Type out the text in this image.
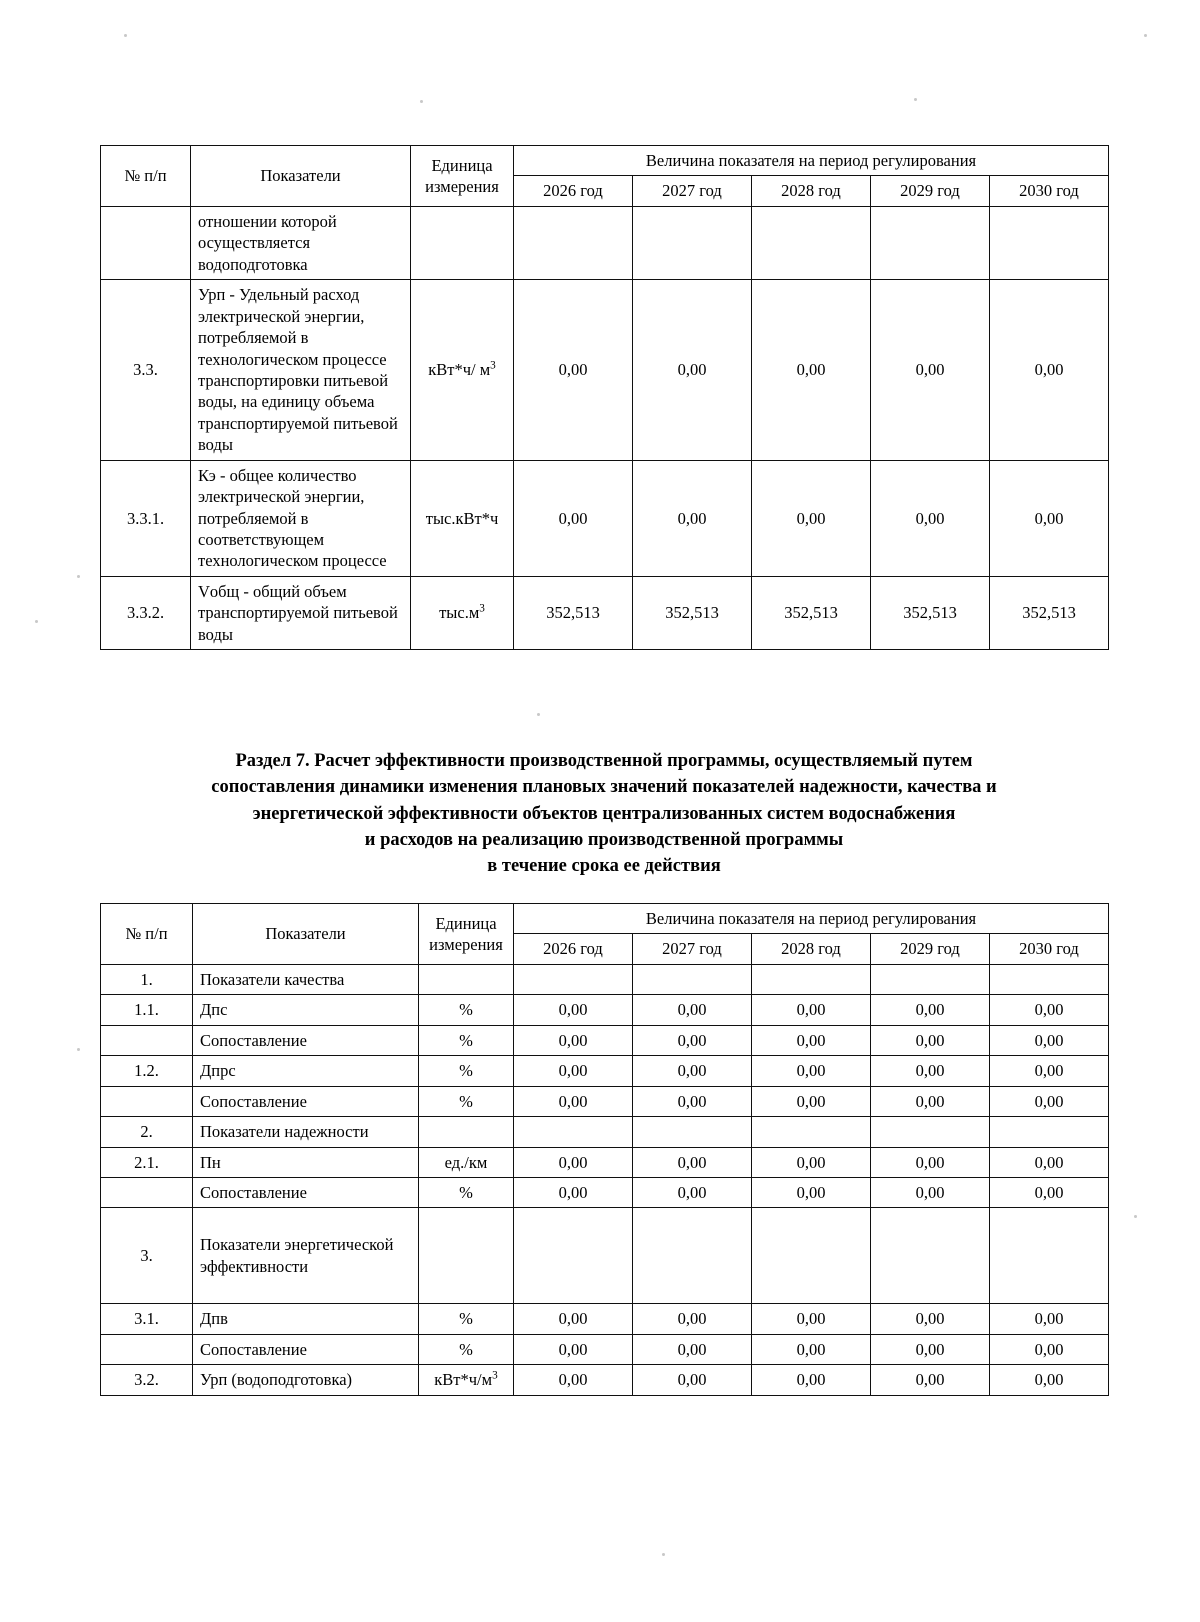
№ п/п	Показатели	Единица
измерения	Величина показателя на период регулирования				
			2026 год	2027 год	2028 год	2029 год	2030 год
	отношении которой осуществляется водоподготовка						
3.3.	Урп - Удельный расход электрической энергии, потребляемой в технологическом процессе транспортировки питьевой воды, на единицу объема транспортируемой питьевой воды	кВт*ч/ $м^3$	0,00	0,00	0,00	0,00	0,00
3.3.1.	Кэ - общее количество электрической энергии, потребляемой в соответствующем технологическом процессе	тыс.кВт*ч	0,00	0,00	0,00	0,00	0,00
3.3.2.	Vобщ - общий объем транспортируемой питьевой воды	$тыс.м^3$	352,513	352,513	352,513	352,513	352,513
Раздел 7. Расчет эффективности производственной программы, осуществляемый путем
сопоставления динамики изменения плановых значений показателей надежности, качества и
энергетической эффективности объектов централизованных систем водоснабжения
и расходов на реализацию производственной программы
в течение срока ее действия
№ п/п	Показатели	Единица
измерения	Величина показателя на период регулирования				
			2026 год	2027 год	2028 год	2029 год	2030 год
1.	Показатели качества						
1.1.	Дпс	%	0,00	0,00	0,00	0,00	0,00
	Сопоставление	%	0,00	0,00	0,00	0,00	0,00
1.2.	Дпрс	%	0,00	0,00	0,00	0,00	0,00
	Сопоставление	%	0,00	0,00	0,00	0,00	0,00
2.	Показатели надежности						
2.1.	Пн	ед./км	0,00	0,00	0,00	0,00	0,00
	Сопоставление	%	0,00	0,00	0,00	0,00	0,00
3.	Показатели энергетической эффективности						
3.1.	Дпв	%	0,00	0,00	0,00	0,00	0,00
	Сопоставление	%	0,00	0,00	0,00	0,00	0,00
3.2.	Урп (водоподготовка)	$кВт*ч/м^3$	0,00	0,00	0,00	0,00	0,00
